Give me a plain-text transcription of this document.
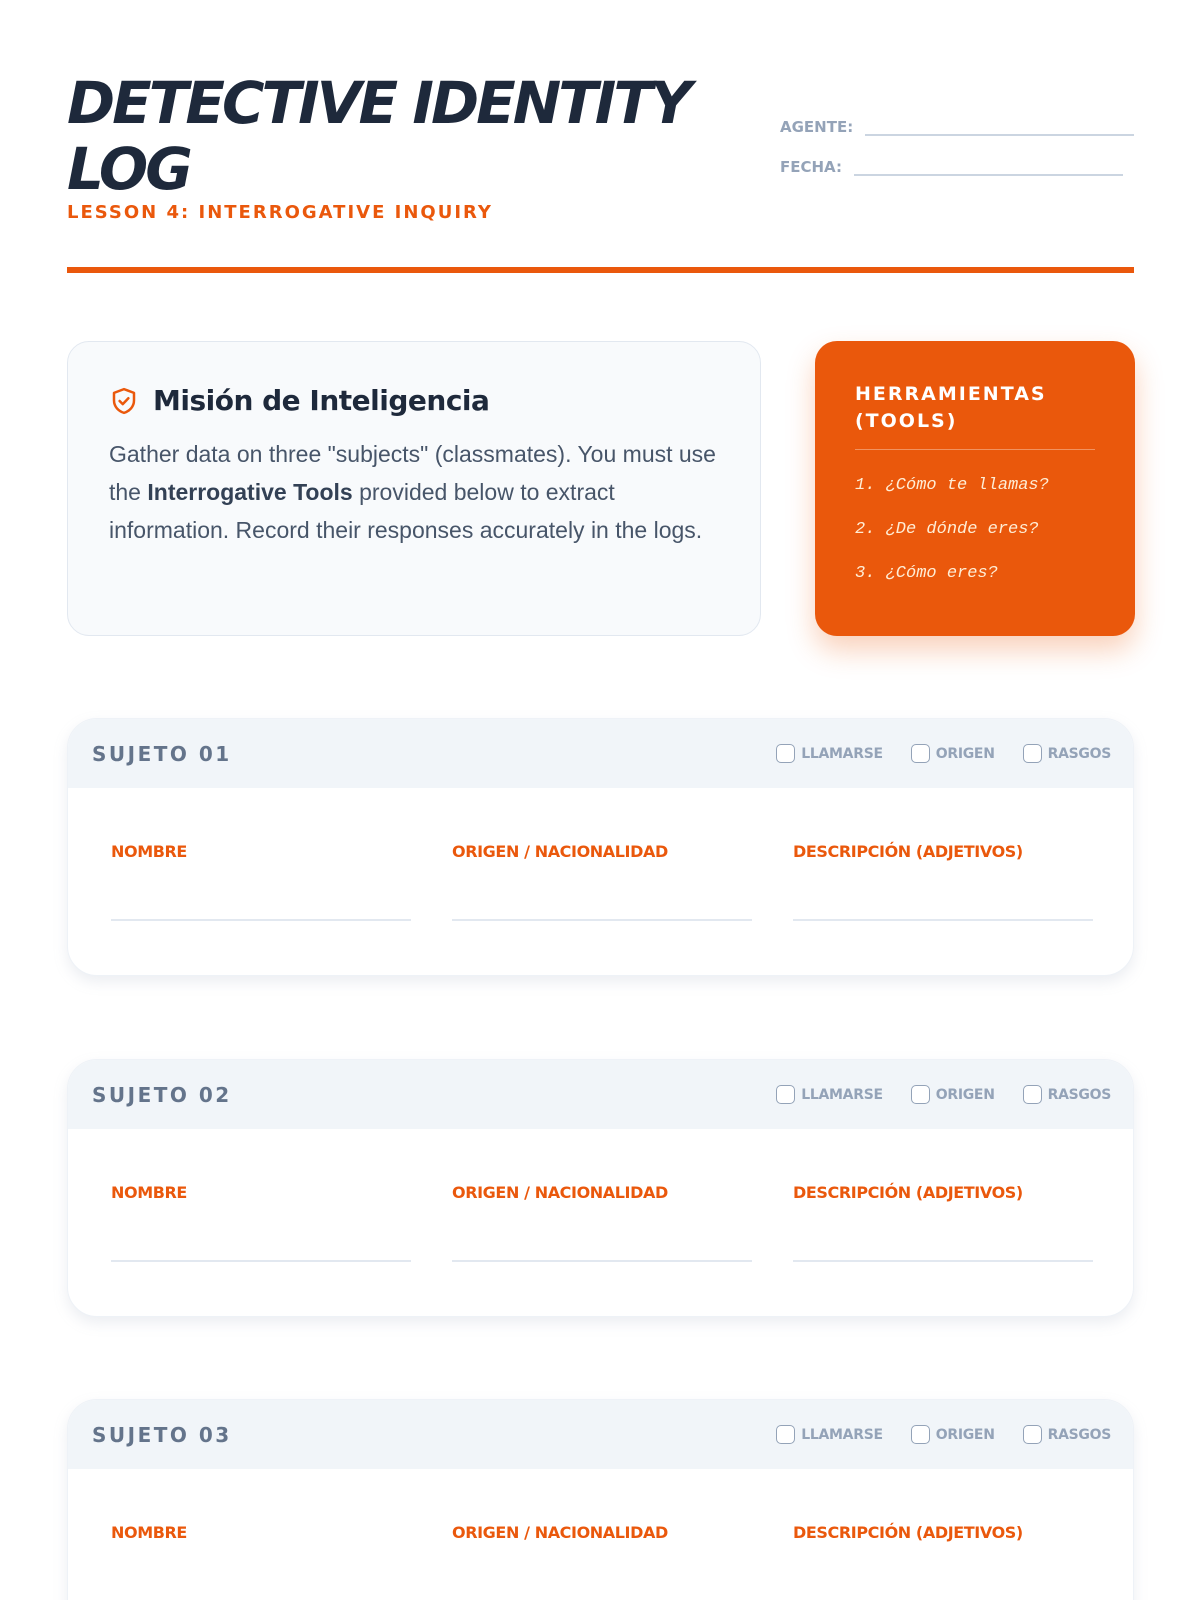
DETECTIVE IDENTITY LOG
LESSON 4: INTERROGATIVE INQUIRY
AGENTE:
FECHA:
Misión de Inteligencia

Gather data on three "subjects" (classmates). You must use the Interrogative Tools provided below to extract information. Record their responses accurately in the logs.

HERRAMIENTAS (TOOLS)
1. ¿Cómo te llamas?
2. ¿De dónde eres?
3. ¿Cómo eres?
SUJETO 01	LLAMARSE	ORIGEN	RASGOS
NOMBRE	ORIGEN / NACIONALIDAD	DESCRIPCIÓN (ADJETIVOS)
SUJETO 02	LLAMARSE	ORIGEN	RASGOS
NOMBRE	ORIGEN / NACIONALIDAD	DESCRIPCIÓN (ADJETIVOS)
SUJETO 03	LLAMARSE	ORIGEN	RASGOS
NOMBRE	ORIGEN / NACIONALIDAD	DESCRIPCIÓN (ADJETIVOS)
